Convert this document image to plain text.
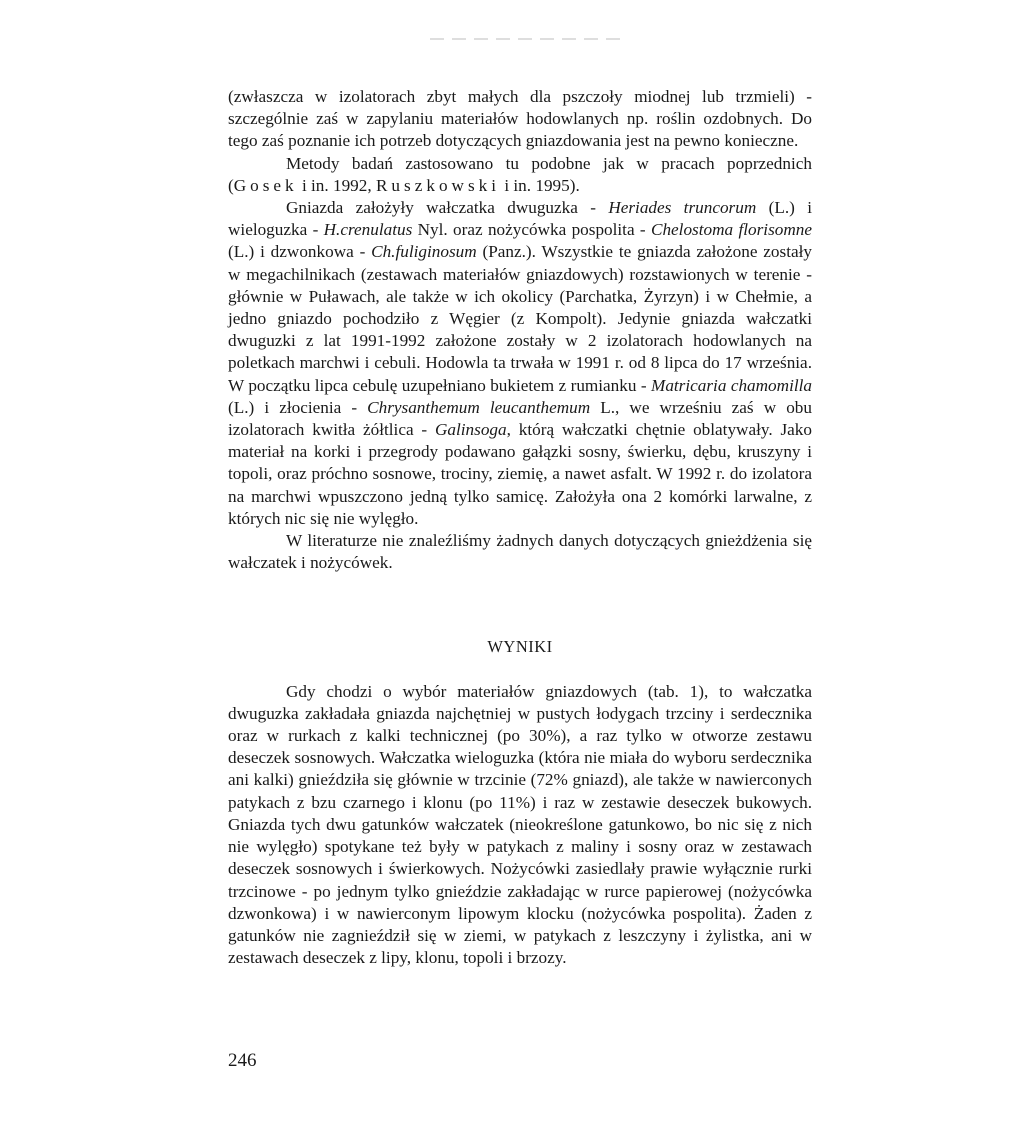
(zwłaszcza w izolatorach zbyt małych dla pszczoły miodnej lub trzmieli) - szczególnie zaś w zapylaniu materiałów hodowlanych np. roślin ozdobnych. Do tego zaś poznanie ich potrzeb dotyczących gniazdowania jest na pewno konieczne.

Metody badań zastosowano tu podobne jak w pracach poprzednich (Gosek i in. 1992, Ruszkowski i in. 1995).

Gniazda założyły wałczatka dwuguzka - Heriades truncorum (L.) i wieloguzka - H.crenulatus Nyl. oraz nożycówka pospolita - Chelostoma florisomne (L.) i dzwonkowa - Ch.fuliginosum (Panz.). Wszystkie te gniazda założone zostały w megachilnikach (zestawach materiałów gniazdowych) rozstawionych w terenie - głównie w Puławach, ale także w ich okolicy (Parchatka, Żyrzyn) i w Chełmie, a jedno gniazdo pochodziło z Węgier (z Kompolt). Jedynie gniazda wałczatki dwuguzki z lat 1991-1992 założone zostały w 2 izolatorach hodowlanych na poletkach marchwi i cebuli. Hodowla ta trwała w 1991 r. od 8 lipca do 17 września. W początku lipca cebulę uzupełniano bukietem z rumianku - Matricaria chamomilla (L.) i złocienia - Chrysanthemum leucanthemum L., we wrześniu zaś w obu izolatorach kwitła żółtlica - Galinsoga, którą wałczatki chętnie oblatywały. Jako materiał na korki i przegrody podawano gałązki sosny, świerku, dębu, kruszyny i topoli, oraz próchno sosnowe, trociny, ziemię, a nawet asfalt. W 1992 r. do izolatora na marchwi wpuszczono jedną tylko samicę. Założyła ona 2 komórki larwalne, z których nic się nie wylęgło.

W literaturze nie znaleźliśmy żadnych danych dotyczących gnieżdżenia się wałczatek i nożycówek.

WYNIKI

Gdy chodzi o wybór materiałów gniazdowych (tab. 1), to wałczatka dwuguzka zakładała gniazda najchętniej w pustych łodygach trzciny i serdecznika oraz w rurkach z kalki technicznej (po 30%), a raz tylko w otworze zestawu deseczek sosnowych. Wałczatka wieloguzka (która nie miała do wyboru serdecznika ani kalki) gnieździła się głównie w trzcinie (72% gniazd), ale także w nawierconych patykach z bzu czarnego i klonu (po 11%) i raz w zestawie deseczek bukowych. Gniazda tych dwu gatunków wałczatek (nieokreślone gatunkowo, bo nic się z nich nie wylęgło) spotykane też były w patykach z maliny i sosny oraz w zestawach deseczek sosnowych i świerkowych. Nożycówki zasiedlały prawie wyłącznie rurki trzcinowe - po jednym tylko gnieździe zakładając w rurce papierowej (nożycówka dzwonkowa) i w nawierconym lipowym klocku (nożycówka pospolita). Żaden z gatunków nie zagnieździł się w ziemi, w patykach z leszczyny i żylistka, ani w zestawach deseczek z lipy, klonu, topoli i brzozy.

246
